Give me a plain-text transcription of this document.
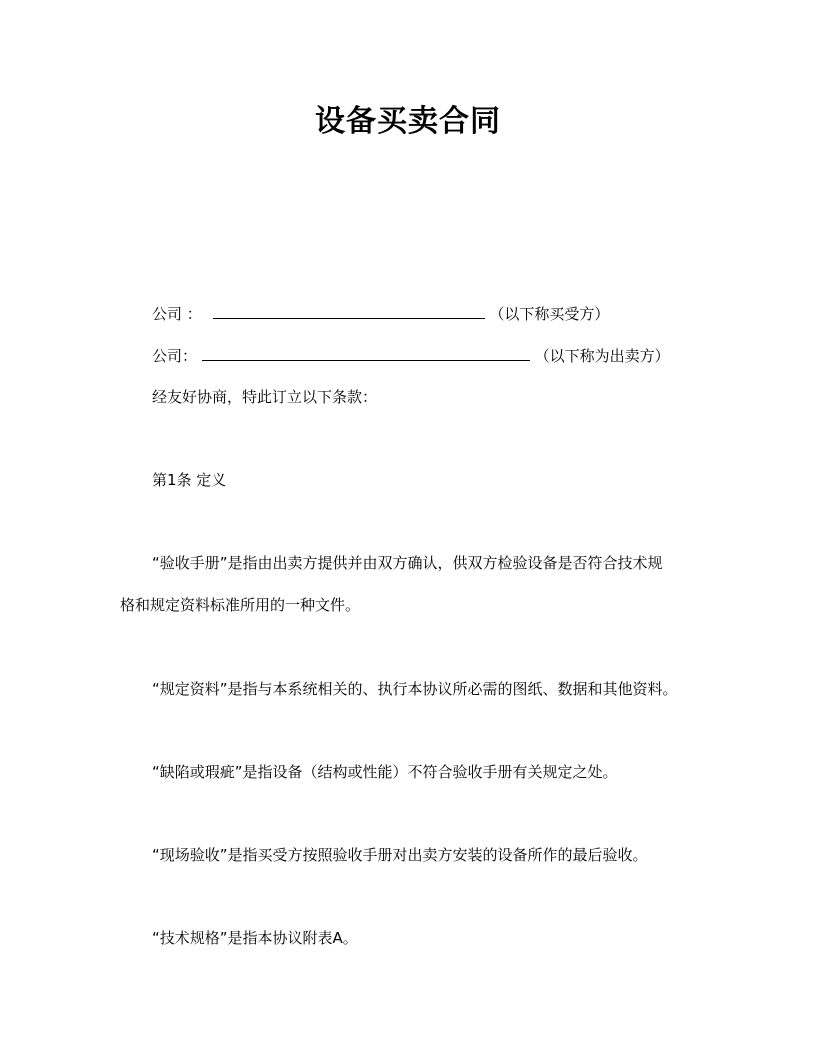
设备买卖合同
公司 ：	（以下称买受方）
公司：	（以下称为出卖方）
经友好协商，特此订立以下条款：
第1条 定义
“验收手册”是指由出卖方提供并由双方确认，供双方检验设备是否符合技术规
格和规定资料标准所用的一种文件。
“规定资料”是指与本系统相关的、执行本协议所必需的图纸、数据和其他资料。
“缺陷或瑕疵”是指设备（结构或性能）不符合验收手册有关规定之处。
“现场验收”是指买受方按照验收手册对出卖方安装的设备所作的最后验收。
“技术规格”是指本协议附表A。
